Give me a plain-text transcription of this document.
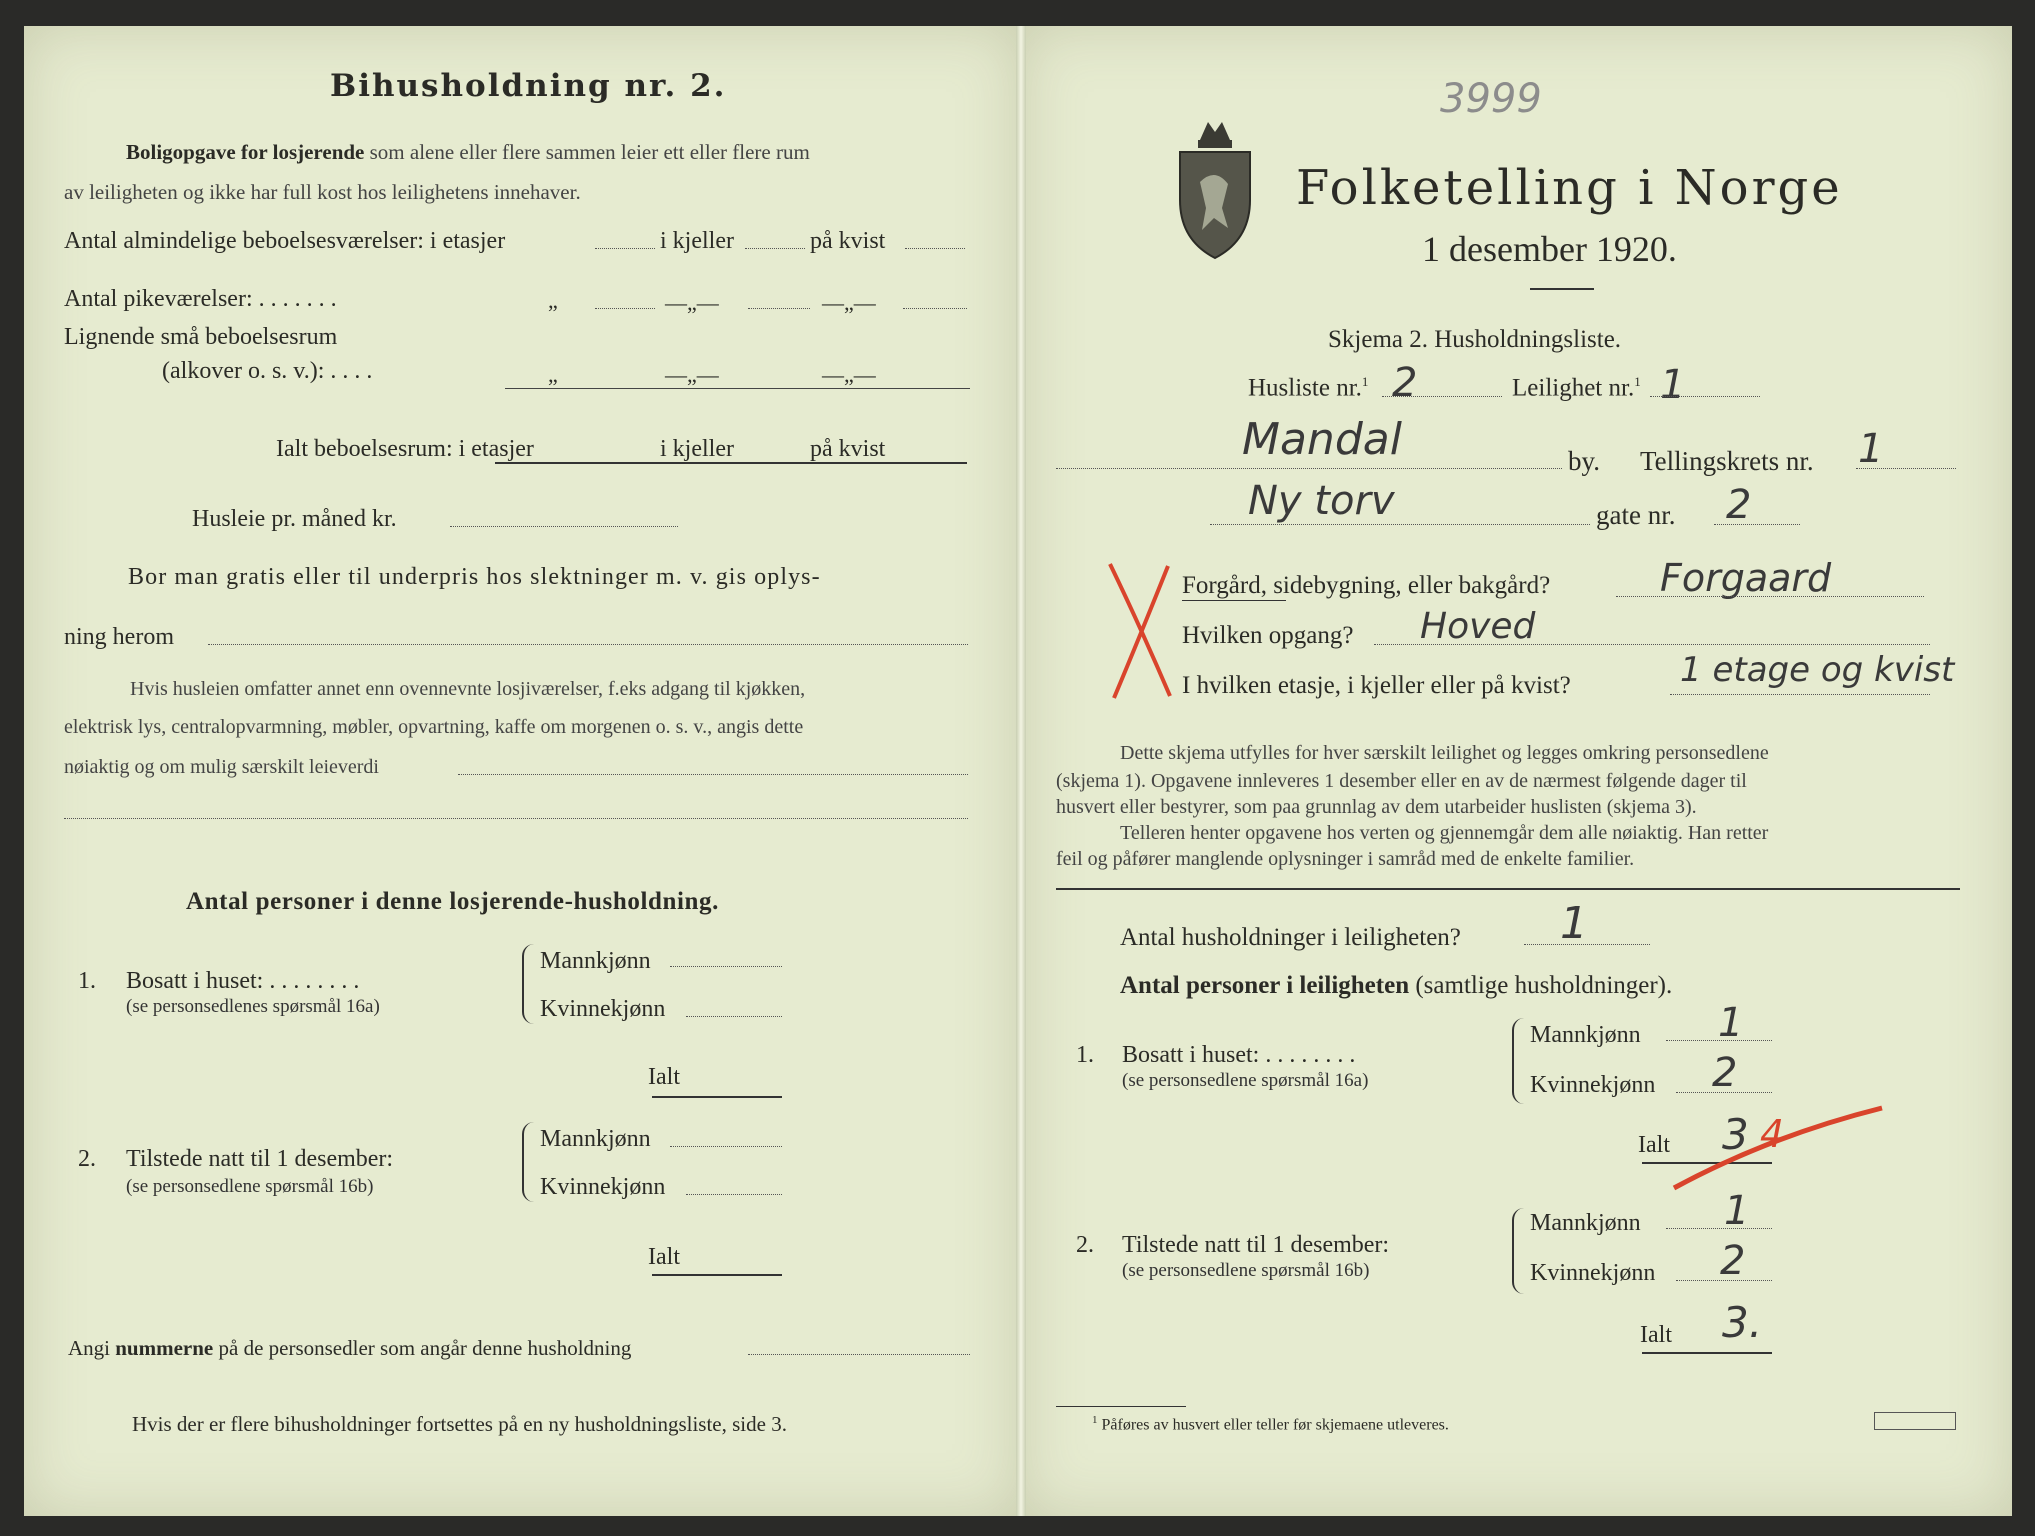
Bihusholdning nr. 2.
Boligopgave for losjerende som alene eller flere sammen leier ett eller flere rum
av leiligheten og ikke har full kost hos leilighetens innehaver.
Antal almindelige beboelsesværelser: i etasjer	i kjeller	på kvist
Antal pikeværelser: . . . . . . .	„	—„—	—„—
Lignende små beboelsesrum
(alkover o. s. v.): . . . .	„	—„—	—„—
Ialt beboelsesrum: i etasjer	i kjeller	på kvist
Husleie pr. måned kr.
Bor man gratis eller til underpris hos slektninger m. v. gis oplys-
ning herom
Hvis husleien omfatter annet enn ovennevnte losjiværelser, f.eks adgang til kjøkken,
elektrisk lys, centralopvarmning, møbler, opvartning, kaffe om morgenen o. s. v., angis dette
nøiaktig og om mulig særskilt leieverdi
Antal personer i denne losjerende-husholdning.
1. Bosatt i huset: . . . . . . . .
(se personsedlenes spørsmål 16a)
Mannkjønn
Kvinnekjønn
Ialt
2. Tilstede natt til 1 desember:
(se personsedlene spørsmål 16b)
Mannkjønn
Kvinnekjønn
Ialt
Angi nummerne på de personsedler som angår denne husholdning
Hvis der er flere bihusholdninger fortsettes på en ny husholdningsliste, side 3.
3999
Folketelling i Norge
1 desember 1920.
Skjema 2. Husholdningsliste.
Husliste nr.$^1$ 2	Leilighet nr.$^1$ 1
Mandal	by. Tellingskrets nr. 1
Ny torv	gate nr. 2
Forgård, sidebygning, eller bakgård?	Forgaard
Hvilken opgang? Hoved
I hvilken etasje, i kjeller eller på kvist?	1 etage og kvist
Dette skjema utfylles for hver særskilt leilighet og legges omkring personsedlene
(skjema 1). Opgavene innleveres 1 desember eller en av de nærmest følgende dager til
husvert eller bestyrer, som paa grunnlag av dem utarbeider huslisten (skjema 3).
Telleren henter opgavene hos verten og gjennemgår dem alle nøiaktig. Han retter
feil og påfører manglende oplysninger i samråd med de enkelte familier.
Antal husholdninger i leiligheten? 1
Antal personer i leiligheten (samtlige husholdninger).
1. Bosatt i huset: . . . . . . . .
(se personsedlene spørsmål 16a)
Mannkjønn 1
Kvinnekjønn 2
Ialt 3 4
2. Tilstede natt til 1 desember:
(se personsedlene spørsmål 16b)
Mannkjønn 1
Kvinnekjønn 2
Ialt 3.
$^1$ Påføres av husvert eller teller før skjemaene utleveres.
